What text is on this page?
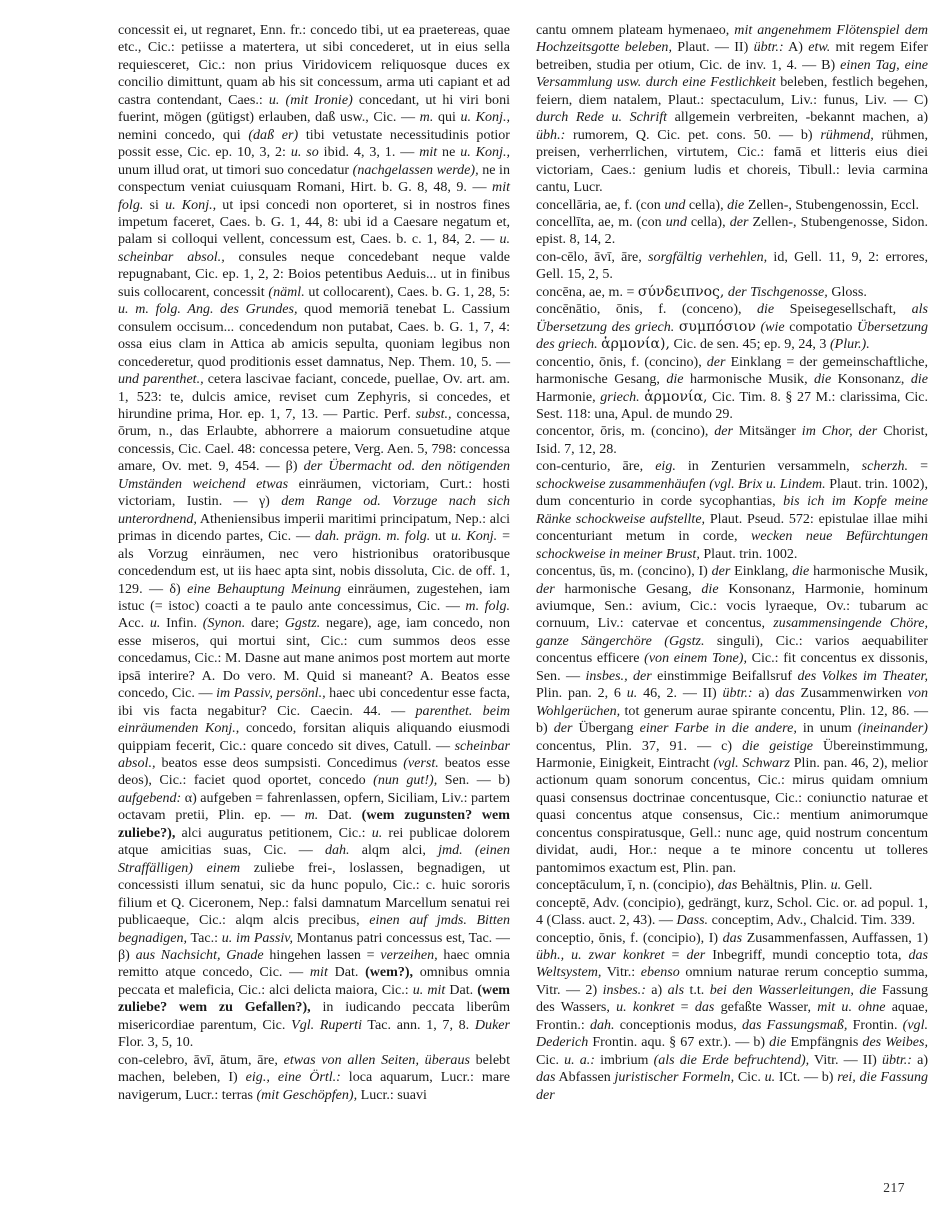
concessit ei, ut regnaret, Enn. fr.: concedo tibi, ut ea praetereas, quae etc., Cic.: petiisse a matertera, ut sibi concederet, ut in eius sella requiesceret, Cic.: non prius Viridovicem reliquosque duces ex concilio dimittunt, quam ab his sit concessum, arma uti capiant et ad castra contendant, Caes.: u. (mit Ironie) concedant, ut hi viri boni fuerint, mögen (gütigst) erlauben, daß usw., Cic. — m. qui u. Konj., nemini concedo, qui (daß er) tibi vetustate necessitudinis potior possit esse, Cic. ep. 10, 3, 2: u. so ibid. 4, 3, 1. — mit ne u. Konj., unum illud orat, ut timori suo concedatur (nachgelassen werde), ne in conspectum veniat cuiusquam Romani, Hirt. b. G. 8, 48, 9. — mit folg. si u. Konj., ut ipsi concedi non oporteret, si in nostros fines impetum faceret, Caes. b. G. 1, 44, 8: ubi id a Caesare negatum et, palam si colloqui vellent, concessum est, Caes. b. c. 1, 84, 2. — u. scheinbar absol., consules neque concedebant neque valde repugnabant, Cic. ep. 1, 2, 2: Boios petentibus Aeduis... ut in finibus suis collocarent, concessit (näml. ut collocarent), Caes. b. G. 1, 28, 5: u. m. folg. Ang. des Grundes, quod memoriā tenebat L. Cassium consulem occisum... concedendum non putabat, Caes. b. G. 1, 7, 4: ossa eius clam in Attica ab amicis sepulta, quoniam legibus non concederetur, quod proditionis esset damnatus, Nep. Them. 10, 5. — und parenthet., cetera lascivae faciant, concede, puellae, Ov. art. am. 1, 523: te, dulcis amice, reviset cum Zephyris, si concedes, et hirundine prima, Hor. ep. 1, 7, 13. — Partic. Perf. subst., concessa, ōrum, n., das Erlaubte, abhorrere a maiorum consuetudine atque concessis, Cic. Cael. 48: concessa petere, Verg. Aen. 5, 798: concessa amare, Ov. met. 9, 454. — β) der Übermacht od. den nötigenden Umständen weichend etwas einräumen, victoriam, Curt.: hosti victoriam, Iustin. — γ) dem Range od. Vorzuge nach sich unterordnend, Atheniensibus imperii maritimi principatum, Nep.: alci primas in dicendo partes, Cic. — dah. prägn. m. folg. ut u. Konj. = als Vorzug einräumen, nec vero histrionibus oratoribusque concedendum est, ut iis haec apta sint, nobis dissoluta, Cic. de off. 1, 129. — δ) eine Behauptung Meinung einräumen, zugestehen, iam istuc (= istoc) coacti a te paulo ante concessimus, Cic. — m. folg. Acc. u. Infin. (Synon. dare; Ggstz. negare), age, iam concedo, non esse miseros, qui mortui sint, Cic.: cum summos deos esse concedamus, Cic.: M. Dasne aut mane animos post mortem aut morte ipsā interire? A. Do vero. M. Quid si maneant? A. Beatos esse concedo, Cic. — im Passiv, persönl., haec ubi concedentur esse facta, ibi vis facta negabitur? Cic. Caecin. 44. — parenthet. beim einräumenden Konj., concedo, forsitan aliquis aliquando eiusmodi quippiam fecerit, Cic.: quare concedo sit dives, Catull. — scheinbar absol., beatos esse deos sumpsisti. Concedimus (verst. beatos esse deos), Cic.: faciet quod oportet, concedo (nun gut!), Sen. — b) aufgebend: α) aufgeben = fahrenlassen, opfern, Siciliam, Liv.: partem octavam pretii, Plin. ep. — m. Dat. (wem zugunsten? wem zuliebe?), alci auguratus petitionem, Cic.: u. rei publicae dolorem atque amicitias suas, Cic. — dah. alqm alci, jmd. (einen Straffälligen) einem zuliebe frei-, loslassen, begnadigen, ut concessisti illum senatui, sic da hunc populo, Cic.: c. huic sororis filium et Q. Ciceronem, Nep.: falsi damnatum Marcellum senatui rei publicaeque, Cic.: alqm alcis precibus, einen auf jmds. Bitten begnadigen, Tac.: u. im Passiv, Montanus patri concessus est, Tac. — β) aus Nachsicht, Gnade hingehen lassen = verzeihen, haec omnia remitto atque concedo, Cic. — mit Dat. (wem?), omnibus omnia peccata et maleficia, Cic.: alci delicta maiora, Cic.: u. mit Dat. (wem zuliebe? wem zu Gefallen?), in iudicando peccata liberûm misericordiae parentum, Cic. Vgl. Ruperti Tac. ann. 1, 7, 8. Duker Flor. 3, 5, 10.

con-celebro, āvī, ātum, āre, etwas von allen Seiten, überaus belebt machen, beleben, I) eig., eine Örtl.: loca aquarum, Lucr.: mare navigerum, Lucr.: terras (mit Geschöpfen), Lucr.: suavi

cantu omnem plateam hymenaeo, mit angenehmem Flötenspiel dem Hochzeitsgotte beleben, Plaut. — II) übtr.: A) etw. mit regem Eifer betreiben, studia per otium, Cic. de inv. 1, 4. — B) einen Tag, eine Versammlung usw. durch eine Festlichkeit beleben, festlich begehen, feiern, diem natalem, Plaut.: spectaculum, Liv.: funus, Liv. — C) durch Rede u. Schrift allgemein verbreiten, -bekannt machen, a) übh.: rumorem, Q. Cic. pet. cons. 50. — b) rühmend, rühmen, preisen, verherrlichen, virtutem, Cic.: famā et litteris eius diei victoriam, Caes.: genium ludis et choreis, Tibull.: levia carmina cantu, Lucr.

concellāria, ae, f. (con und cella), die Zellen-, Stubengenossin, Eccl.

concellīta, ae, m. (con und cella), der Zellen-, Stubengenosse, Sidon. epist. 8, 14, 2.

con-cēlo, āvī, āre, sorgfältig verhehlen, id, Gell. 11, 9, 2: errores, Gell. 15, 2, 5.

concēna, ae, m. = σύνδειπνος, der Tischgenosse, Gloss.

concēnātio, ōnis, f. (conceno), die Speisegesellschaft, als Übersetzung des griech. συμπόσιον (wie compotatio Übersetzung des griech. ἁρμονία), Cic. de sen. 45; ep. 9, 24, 3 (Plur.).

concentio, ōnis, f. (concino), der Einklang = der gemeinschaftliche, harmonische Gesang, die harmonische Musik, die Konsonanz, die Harmonie, griech. ἁρμονία, Cic. Tim. 8. § 27 M.: clarissima, Cic. Sest. 118: una, Apul. de mundo 29.

concentor, ōris, m. (concino), der Mitsänger im Chor, der Chorist, Isid. 7, 12, 28.

con-centurio, āre, eig. in Zenturien versammeln, scherzh. = schockweise zusammenhäufen (vgl. Brix u. Lindem. Plaut. trin. 1002), dum concenturio in corde sycophantias, bis ich im Kopfe meine Ränke schockweise aufstellte, Plaut. Pseud. 572: epistulae illae mihi concenturiant metum in corde, wecken neue Befürchtungen schockweise in meiner Brust, Plaut. trin. 1002.

concentus, ūs, m. (concino), I) der Einklang, die harmonische Musik, der harmonische Gesang, die Konsonanz, Harmonie, hominum aviumque, Sen.: avium, Cic.: vocis lyraeque, Ov.: tubarum ac cornuum, Liv.: catervae et concentus, zusammensingende Chöre, ganze Sängerchöre (Ggstz. singuli), Cic.: varios aequabiliter concentus efficere (von einem Tone), Cic.: fit concentus ex dissonis, Sen. — insbes., der einstimmige Beifallsruf des Volkes im Theater, Plin. pan. 2, 6 u. 46, 2. — II) übtr.: a) das Zusammenwirken von Wohlgerüchen, tot generum aurae spirante concentu, Plin. 12, 86. — b) der Übergang einer Farbe in die andere, in unum (ineinander) concentus, Plin. 37, 91. — c) die geistige Übereinstimmung, Harmonie, Einigkeit, Eintracht (vgl. Schwarz Plin. pan. 46, 2), melior actionum quam sonorum concentus, Cic.: mirus quidam omnium quasi consensus doctrinae concentusque, Cic.: coniunctio naturae et quasi concentus atque consensus, Cic.: mentium animorumque concentus conspiratusque, Gell.: nunc age, quid nostrum concentum dividat, audi, Hor.: neque a te minore concentu ut tolleres pantomimos exactum est, Plin. pan.

conceptāculum, ī, n. (concipio), das Behältnis, Plin. u. Gell.

conceptē, Adv. (concipio), gedrängt, kurz, Schol. Cic. or. ad popul. 1, 4 (Class. auct. 2, 43). — Dass. conceptim, Adv., Chalcid. Tim. 339.

conceptio, ōnis, f. (concipio), I) das Zusammenfassen, Auffassen, 1) übh., u. zwar konkret = der Inbegriff, mundi conceptio tota, das Weltsystem, Vitr.: ebenso omnium naturae rerum conceptio summa, Vitr. — 2) insbes.: a) als t.t. bei den Wasserleitungen, die Fassung des Wassers, u. konkret = das gefaßte Wasser, mit u. ohne aquae, Frontin.: dah. conceptionis modus, das Fassungsmaß, Frontin. (vgl. Dederich Frontin. aqu. § 67 extr.). — b) die Empfängnis des Weibes, Cic. u. a.: imbrium (als die Erde befruchtend), Vitr. — II) übtr.: a) das Abfassen juristischer Formeln, Cic. u. ICt. — b) rei, die Fassung der

217
